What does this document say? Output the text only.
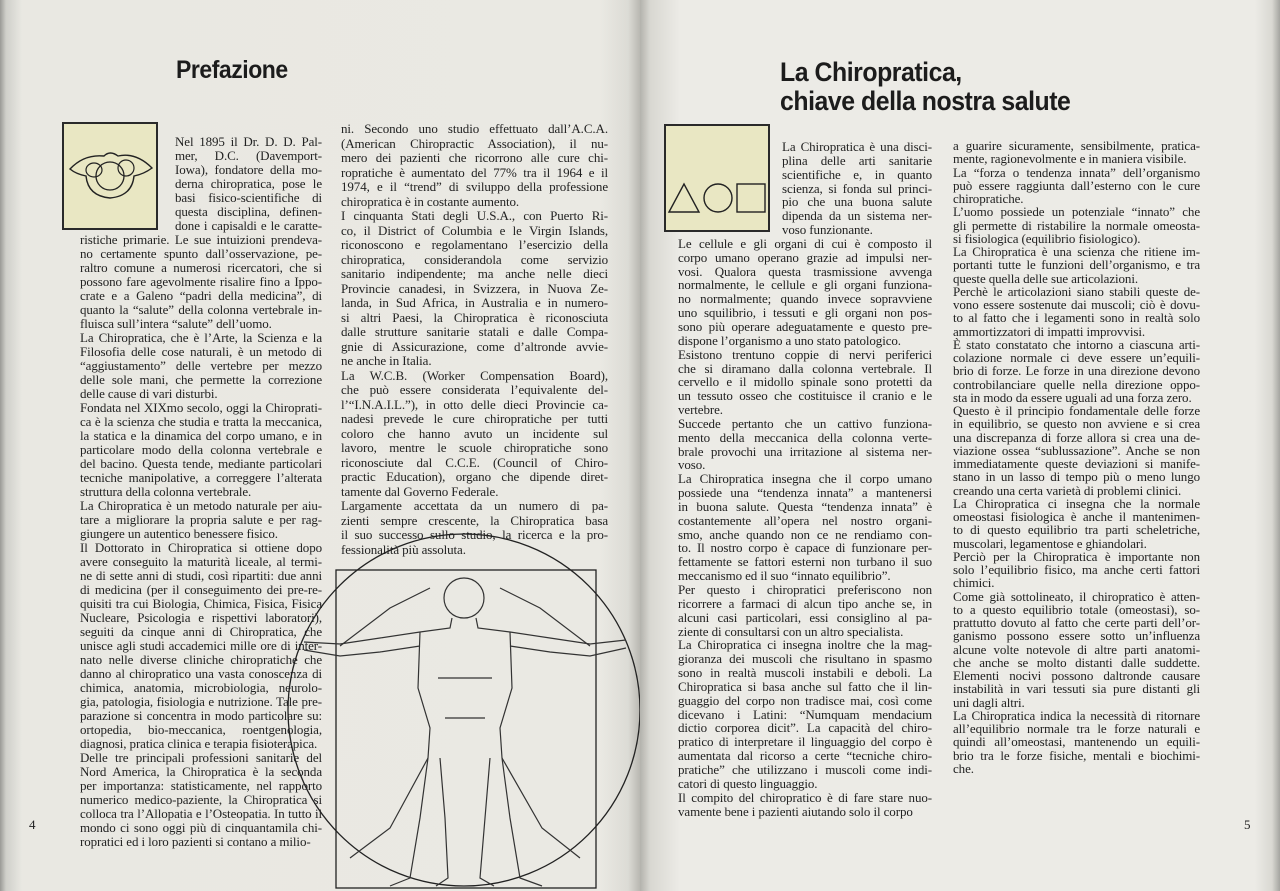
Prefazione
Nel 1895 il Dr. D. D. Pal-
mer, D.C. (Davemport-
Iowa), fondatore della mo-
derna chiropratica, pose le
basi fisico-scientifiche di
questa disciplina, definen-
done i capisaldi e le caratte-
ristiche primarie. Le sue intuizioni prendeva-
no certamente spunto dall’osservazione, pe-
raltro comune a numerosi ricercatori, che si
possono fare agevolmente risalire fino a Ippo-
crate e a Galeno “padri della medicina”, di
quanto la “salute” della colonna vertebrale in-
fluisca sull’intera “salute” dell’uomo.
La Chiropratica, che è l’Arte, la Scienza e la
Filosofia delle cose naturali, è un metodo di
“aggiustamento” delle vertebre per mezzo
delle sole mani, che permette la correzione
delle cause di vari disturbi.
Fondata nel XIXmo secolo, oggi la Chiroprati-
ca è la scienza che studia e tratta la meccanica,
la statica e la dinamica del corpo umano, e in
particolare modo della colonna vertebrale e
del bacino. Questa tende, mediante particolari
tecniche manipolative, a correggere l’alterata
struttura della colonna vertebrale.
La Chiropratica è un metodo naturale per aiu-
tare a migliorare la propria salute e per rag-
giungere un autentico benessere fisico.
Il Dottorato in Chiropratica si ottiene dopo
avere conseguito la maturità liceale, al termi-
ne di sette anni di studi, così ripartiti: due anni
di medicina (per il conseguimento dei pre-re-
quisiti tra cui Biologia, Chimica, Fisica, Fisica
Nucleare, Psicologia e rispettivi laboratori),
seguiti da cinque anni di Chiropratica, che
unisce agli studi accademici mille ore di inter-
nato nelle diverse cliniche chiropratiche che
danno al chiropratico una vasta conoscenza di
chimica, anatomia, microbiologia, neurolo-
gia, patologia, fisiologia e nutrizione. Tale pre-
parazione si concentra in modo particolare su:
ortopedia, bio-meccanica, roentgenologia,
diagnosi, pratica clinica e terapia fisioterapica.
Delle tre principali professioni sanitarie del
Nord America, la Chiropratica è la seconda
per importanza: statisticamente, nel rapporto
numerico medico-paziente, la Chiropratica si
colloca tra l’Allopatia e l’Osteopatia. In tutto il
mondo ci sono oggi più di cinquantamila chi-
ropratici ed i loro pazienti si contano a milio-
ni. Secondo uno studio effettuato dall’A.C.A.
(American Chiropractic Association), il nu-
mero dei pazienti che ricorrono alle cure chi-
ropratiche è aumentato del 77% tra il 1964 e il
1974, e il “trend” di sviluppo della professione
chiropratica è in costante aumento.
I cinquanta Stati degli U.S.A., con Puerto Ri-
co, il District of Columbia e le Virgin Islands,
riconoscono e regolamentano l’esercizio della
chiropratica, considerandola come servizio
sanitario indipendente; ma anche nelle dieci
Provincie canadesi, in Svizzera, in Nuova Ze-
landa, in Sud Africa, in Australia e in numero-
si altri Paesi, la Chiropratica è riconosciuta
dalle strutture sanitarie statali e dalle Compa-
gnie di Assicurazione, come d’altronde avvie-
ne anche in Italia.
La W.C.B. (Worker Compensation Board),
che può essere considerata l’equivalente del-
l’“I.N.A.I.L.”), in otto delle dieci Provincie ca-
nadesi prevede le cure chiropratiche per tutti
coloro che hanno avuto un incidente sul
lavoro, mentre le scuole chiropratiche sono
riconosciute dal C.C.E. (Council of Chiro-
practic Education), organo che dipende diret-
tamente dal Governo Federale.
Largamente accettata da un numero di pa-
zienti sempre crescente, la Chiropratica basa
il suo successo sullo studio, la ricerca e la pro-
fessionalità più assoluta.
4	5
La Chiropratica,
chiave della nostra salute
La Chiropratica è una disci-
plina delle arti sanitarie
scientifiche e, in quanto
scienza, si fonda sul princi-
pio che una buona salute
dipenda da un sistema ner-
voso funzionante.
Le cellule e gli organi di cui è composto il
corpo umano operano grazie ad impulsi ner-
vosi. Qualora questa trasmissione avvenga
normalmente, le cellule e gli organi funziona-
no normalmente; quando invece sopravviene
uno squilibrio, i tessuti e gli organi non pos-
sono più operare adeguatamente e questo pre-
dispone l’organismo a uno stato patologico.
Esistono trentuno coppie di nervi periferici
che si diramano dalla colonna vertebrale. Il
cervello e il midollo spinale sono protetti da
un tessuto osseo che costituisce il cranio e le
vertebre.
Succede pertanto che un cattivo funziona-
mento della meccanica della colonna verte-
brale provochi una irritazione al sistema ner-
voso.
La Chiropratica insegna che il corpo umano
possiede una “tendenza innata” a mantenersi
in buona salute. Questa “tendenza innata” è
costantemente all’opera nel nostro organi-
smo, anche quando non ce ne rendiamo con-
to. Il nostro corpo è capace di funzionare per-
fettamente se fattori esterni non turbano il suo
meccanismo ed il suo “innato equilibrio”.
Per questo i chiropratici preferiscono non
ricorrere a farmaci di alcun tipo anche se, in
alcuni casi particolari, essi consiglino al pa-
ziente di consultarsi con un altro specialista.
La Chiropratica ci insegna inoltre che la mag-
gioranza dei muscoli che risultano in spasmo
sono in realtà muscoli instabili e deboli. La
Chiropratica si basa anche sul fatto che il lin-
guaggio del corpo non tradisce mai, così come
dicevano i Latini: “Numquam mendacium
dictio corporea dicit”. La capacità del chiro-
pratico di interpretare il linguaggio del corpo è
aumentata dal ricorso a certe “tecniche chiro-
pratiche” che utilizzano i muscoli come indi-
catori di questo linguaggio.
Il compito del chiropratico è di fare stare nuo-
vamente bene i pazienti aiutando solo il corpo
a guarire sicuramente, sensibilmente, pratica-
mente, ragionevolmente e in maniera visibile.
La “forza o tendenza innata” dell’organismo
può essere raggiunta dall’esterno con le cure
chiropratiche.
L’uomo possiede un potenziale “innato” che
gli permette di ristabilire la normale omeosta-
si fisiologica (equilibrio fisiologico).
La Chiropratica è una scienza che ritiene im-
portanti tutte le funzioni dell’organismo, e tra
queste quella delle sue articolazioni.
Perchè le articolazioni siano stabili queste de-
vono essere sostenute dai muscoli; ciò è dovu-
to al fatto che i legamenti sono in realtà solo
ammortizzatori di impatti improvvisi.
È stato constatato che intorno a ciascuna arti-
colazione normale ci deve essere un’equili-
brio di forze. Le forze in una direzione devono
controbilanciare quelle nella direzione oppo-
sta in modo da essere uguali ad una forza zero.
Questo è il principio fondamentale delle forze
in equilibrio, se questo non avviene e si crea
una discrepanza di forze allora si crea una de-
viazione ossea “sublussazione”. Anche se non
immediatamente queste deviazioni si manife-
stano in un lasso di tempo più o meno lungo
creando una certa varietà di problemi clinici.
La Chiropratica ci insegna che la normale
omeostasi fisiologica è anche il mantenimen-
to di questo equilibrio tra parti scheletriche,
muscolari, legamentose e ghiandolari.
Perciò per la Chiropratica è importante non
solo l’equilibrio fisico, ma anche certi fattori
chimici.
Come già sottolineato, il chiropratico è atten-
to a questo equilibrio totale (omeostasi), so-
prattutto dovuto al fatto che certe parti dell’or-
ganismo possono essere sotto un’influenza
alcune volte notevole di altre parti anatomi-
che anche se molto distanti dalle suddette.
Elementi nocivi possono daltronde causare
instabilità in vari tessuti sia pure distanti gli
uni dagli altri.
La Chiropratica indica la necessità di ritornare
all’equilibrio normale tra le forze naturali e
quindi all’omeostasi, mantenendo un equili-
brio tra le forze fisiche, mentali e biochimi-
che.
